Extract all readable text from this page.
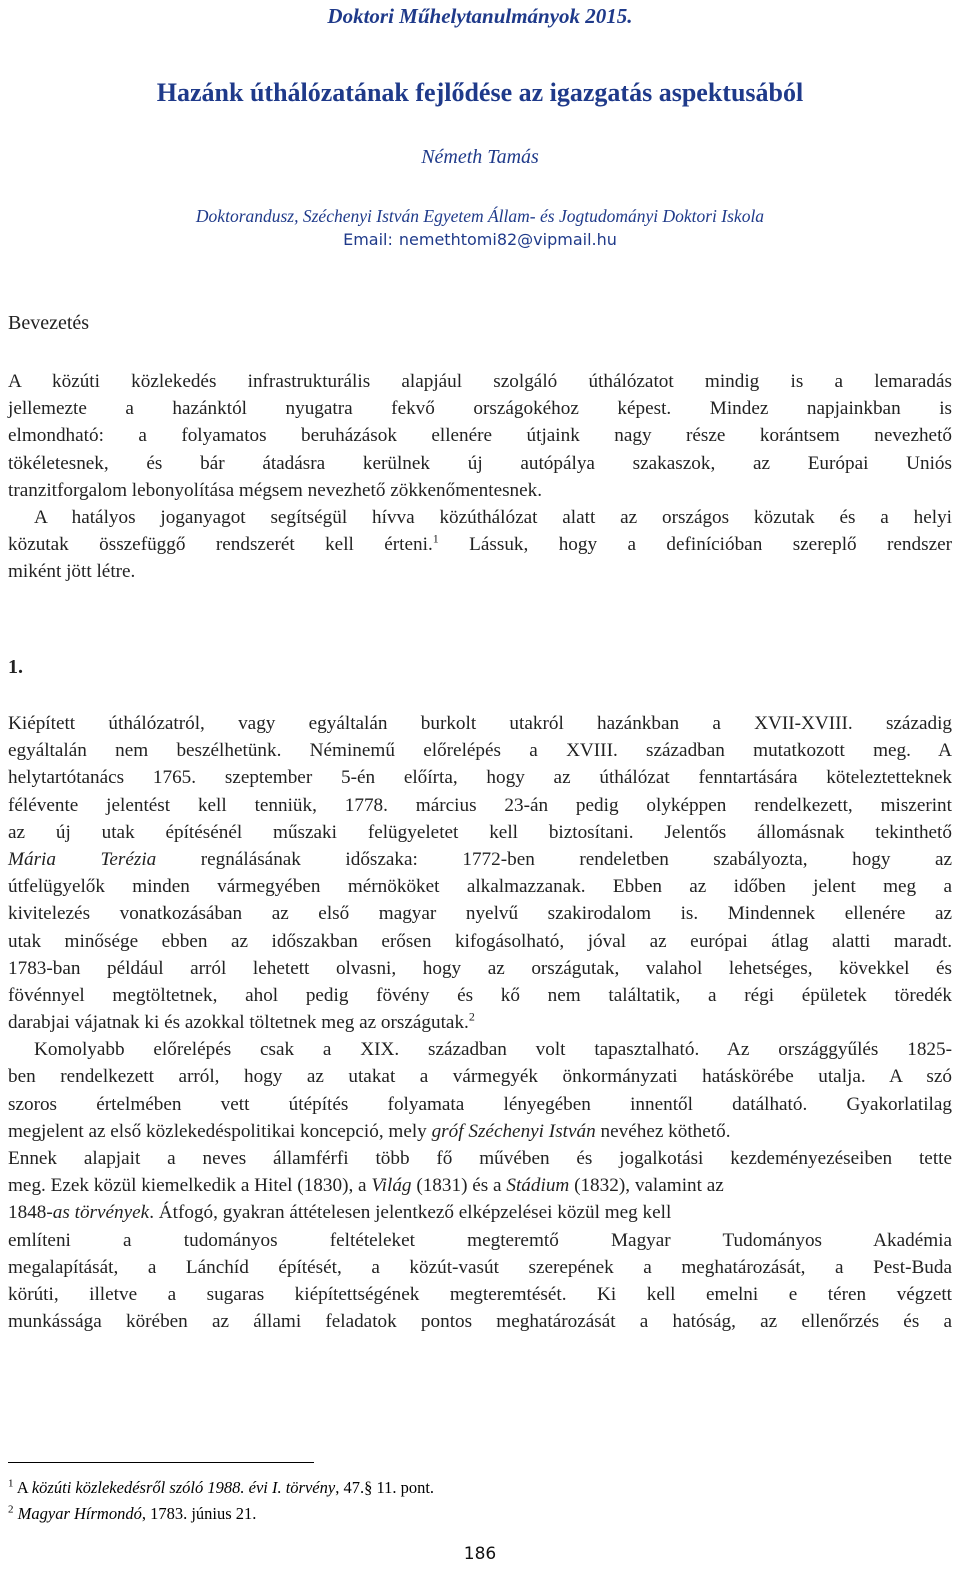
Doktori Műhelytanulmányok 2015.
Hazánk úthálózatának fejlődése az igazgatás aspektusából
Németh Tamás
Doktorandusz, Széchenyi István Egyetem Állam- és Jogtudományi Doktori Iskola
Email: nemethtomi82@vipmail.hu
Bevezetés
A közúti közlekedés infrastrukturális alapjául szolgáló úthálózatot mindig is a lemaradás
jellemezte a hazánktól nyugatra fekvő országokéhoz képest. Mindez napjainkban is
elmondható: a folyamatos beruházások ellenére útjaink nagy része korántsem nevezhető
tökéletesnek, és bár átadásra kerülnek új autópálya szakaszok, az Európai Uniós
tranzitforgalom lebonyolítása mégsem nevezhető zökkenőmentesnek.
A hatályos joganyagot segítségül hívva közúthálózat alatt az országos közutak és a helyi
közutak összefüggő rendszerét kell érteni.$^1$ Lássuk, hogy a definícióban szereplő rendszer
miként jött létre.
1.
Kiépített úthálózatról, vagy egyáltalán burkolt utakról hazánkban a XVII-XVIII. századig
egyáltalán nem beszélhetünk. Néminemű előrelépés a XVIII. században mutatkozott meg. A
helytartótanács 1765. szeptember 5-én előírta, hogy az úthálózat fenntartására köteleztetteknek
félévente jelentést kell tenniük, 1778. március 23-án pedig olyképpen rendelkezett, miszerint
az új utak építésénél műszaki felügyeletet kell biztosítani. Jelentős állomásnak tekinthető
Mária Terézia regnálásának időszaka: 1772-ben rendeletben szabályozta, hogy az
útfelügyelők minden vármegyében mérnököket alkalmazzanak. Ebben az időben jelent meg a
kivitelezés vonatkozásában az első magyar nyelvű szakirodalom is. Mindennek ellenére az
utak minősége ebben az időszakban erősen kifogásolható, jóval az európai átlag alatti maradt.
1783-ban például arról lehetett olvasni, hogy az országutak, valahol lehetséges, kövekkel és
fövénnyel megtöltetnek, ahol pedig fövény és kő nem találtatik, a régi épületek töredék
darabjai vájatnak ki és azokkal töltetnek meg az országutak.$^2$
Komolyabb előrelépés csak a XIX. században volt tapasztalható. Az országgyűlés 1825-
ben rendelkezett arról, hogy az utakat a vármegyék önkormányzati hatáskörébe utalja. A szó
szoros értelmében vett útépítés folyamata lényegében innentől datálható. Gyakorlatilag
megjelent az első közlekedéspolitikai koncepció, mely gróf Széchenyi István nevéhez köthető.
Ennek alapjait a neves államférfi több fő művében és jogalkotási kezdeményezéseiben tette
meg. Ezek közül kiemelkedik a Hitel (1830), a Világ (1831) és a Stádium (1832), valamint az
1848-as törvények. Átfogó, gyakran áttételesen jelentkező elképzelései közül meg kell
említeni a tudományos feltételeket megteremtő Magyar Tudományos Akadémia
megalapítását, a Lánchíd építését, a közút-vasút szerepének a meghatározását, a Pest-Buda
körúti, illetve a sugaras kiépítettségének megteremtését. Ki kell emelni e téren végzett
munkássága körében az állami feladatok pontos meghatározását a hatóság, az ellenőrzés és a
$^1$ A közúti közlekedésről szóló 1988. évi I. törvény, 47.§ 11. pont.
$^2$ Magyar Hírmondó, 1783. június 21.
186
